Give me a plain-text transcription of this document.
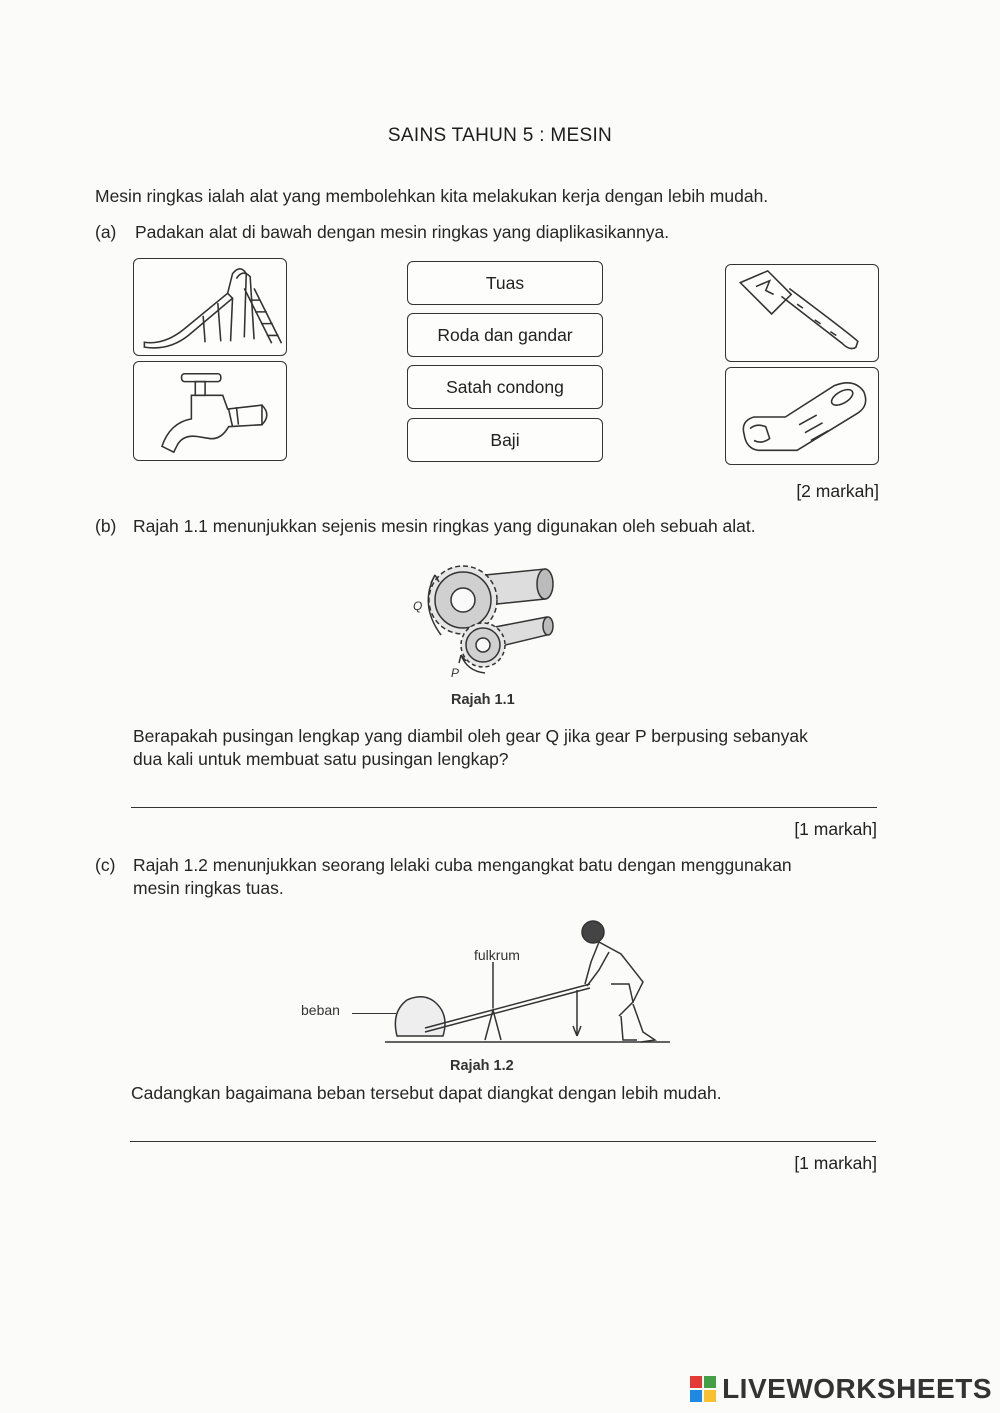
SAINS TAHUN 5 : MESIN
Mesin ringkas ialah alat yang membolehkan kita melakukan kerja dengan lebih mudah.
(a) Padakan alat di bawah dengan mesin ringkas yang diaplikasikannya.
Tuas
Roda dan gandar
Satah condong
Baji
[2 markah]
(b) Rajah 1.1 menunjukkan sejenis mesin ringkas yang digunakan oleh sebuah alat.
Q
P
Rajah 1.1
Berapakah pusingan lengkap yang diambil oleh gear Q jika gear P berpusing sebanyak
dua kali untuk membuat satu pusingan lengkap?
[1 markah]
(c) Rajah 1.2 menunjukkan seorang lelaki cuba mengangkat batu dengan menggunakan
mesin ringkas tuas.
fulkrum
beban
Rajah 1.2
Cadangkan bagaimana beban tersebut dapat diangkat dengan lebih mudah.
[1 markah]
LIVEWORKSHEETS
